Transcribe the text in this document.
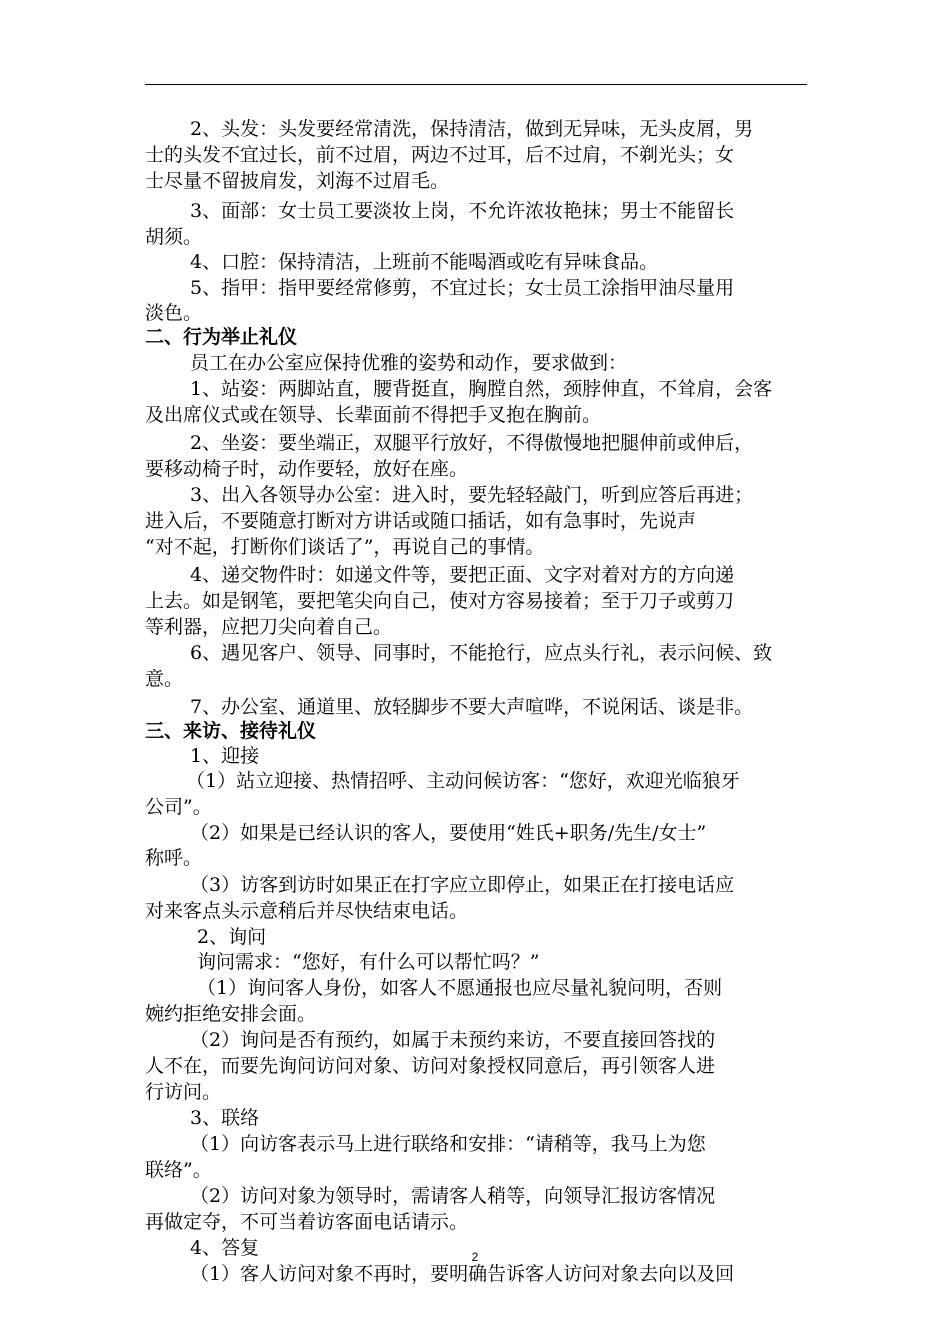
2、头发：头发要经常清洗，保持清洁，做到无异味，无头皮屑，男
士的头发不宜过长，前不过眉，两边不过耳，后不过肩，不剃光头；女
士尽量不留披肩发，刘海不过眉毛。
3、面部：女士员工要淡妆上岗，不允许浓妆艳抹；男士不能留长
胡须。
4、口腔：保持清洁，上班前不能喝酒或吃有异味食品。
5、指甲：指甲要经常修剪，不宜过长；女士员工涂指甲油尽量用
淡色。
二、行为举止礼仪
员工在办公室应保持优雅的姿势和动作，要求做到：
1、站姿：两脚站直，腰背挺直，胸膛自然，颈脖伸直，不耸肩，会客
及出席仪式或在领导、长辈面前不得把手叉抱在胸前。
2、坐姿：要坐端正，双腿平行放好，不得傲慢地把腿伸前或伸后，
要移动椅子时，动作要轻，放好在座。
3、出入各领导办公室：进入时，要先轻轻敲门，听到应答后再进；
进入后，不要随意打断对方讲话或随口插话，如有急事时，先说声
“对不起，打断你们谈话了”，再说自己的事情。
4、递交物件时：如递文件等，要把正面、文字对着对方的方向递
上去。如是钢笔，要把笔尖向自己，使对方容易接着；至于刀子或剪刀
等利器，应把刀尖向着自己。
6、遇见客户、领导、同事时，不能抢行，应点头行礼，表示问候、致
意。
7、办公室、通道里、放轻脚步不要大声喧哗，不说闲话、谈是非。
三、来访、接待礼仪
1、迎接
（1）站立迎接、热情招呼、主动问候访客：“您好，欢迎光临狼牙
公司”。
（2）如果是已经认识的客人，要使用“姓氏+职务/先生/女士”
称呼。
（3）访客到访时如果正在打字应立即停止，如果正在打接电话应
对来客点头示意稍后并尽快结束电话。
2、询问
询问需求：“您好，有什么可以帮忙吗？”
（1）询问客人身份，如客人不愿通报也应尽量礼貌问明，否则
婉约拒绝安排会面。
（2）询问是否有预约，如属于未预约来访，不要直接回答找的
人不在，而要先询问访问对象、访问对象授权同意后，再引领客人进
行访问。
3、联络
（1）向访客表示马上进行联络和安排：“请稍等，我马上为您
联络”。
（2）访问对象为领导时，需请客人稍等，向领导汇报访客情况
再做定夺，不可当着访客面电话请示。
4、答复
（1）客人访问对象不再时，要明确告诉客人访问对象去向以及回
2
